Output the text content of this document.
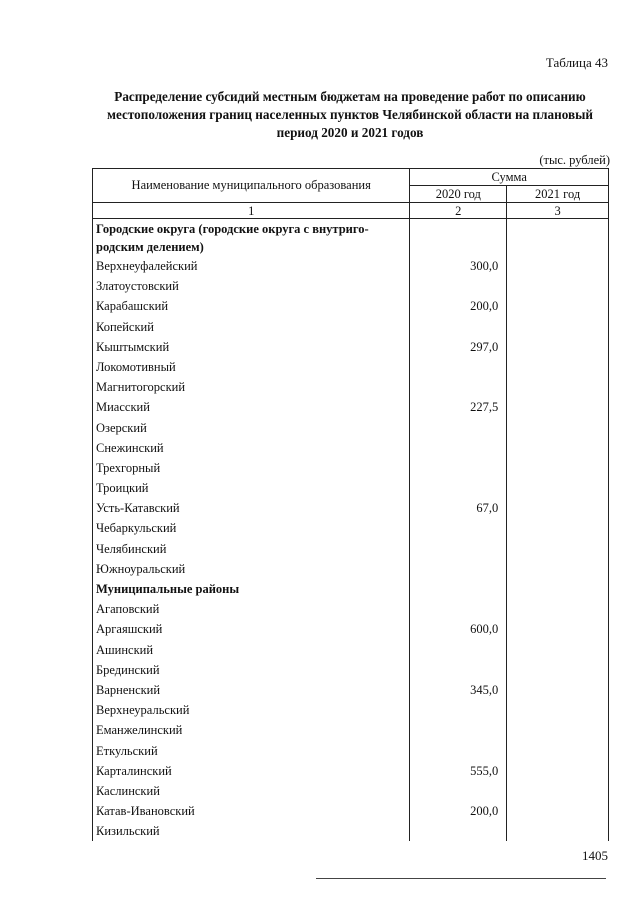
Таблица 43
Распределение субсидий местным бюджетам на проведение работ по описанию местоположения границ населенных пунктов Челябинской области на плановый период 2020 и 2021 годов
(тыс. рублей)
Наименование муниципального образования	Сумма	
	2020 год	2021 год
1	2	3
Городские округа (городские округа с внутриго-родским делением)		
Верхнеуфалейский	300,0	
Златоустовский		
Карабашский	200,0	
Копейский		
Кыштымский	297,0	
Локомотивный		
Магнитогорский		
Миасский	227,5	
Озерский		
Снежинский		
Трехгорный		
Троицкий		
Усть-Катавский	67,0	
Чебаркульский		
Челябинский		
Южноуральский		
Муниципальные районы		
Агаповский		
Аргаяшский	600,0	
Ашинский		
Брединский		
Варненский	345,0	
Верхнеуральский		
Еманжелинский		
Еткульский		
Карталинский	555,0	
Каслинский		
Катав-Ивановский	200,0	
Кизильский		
1405
